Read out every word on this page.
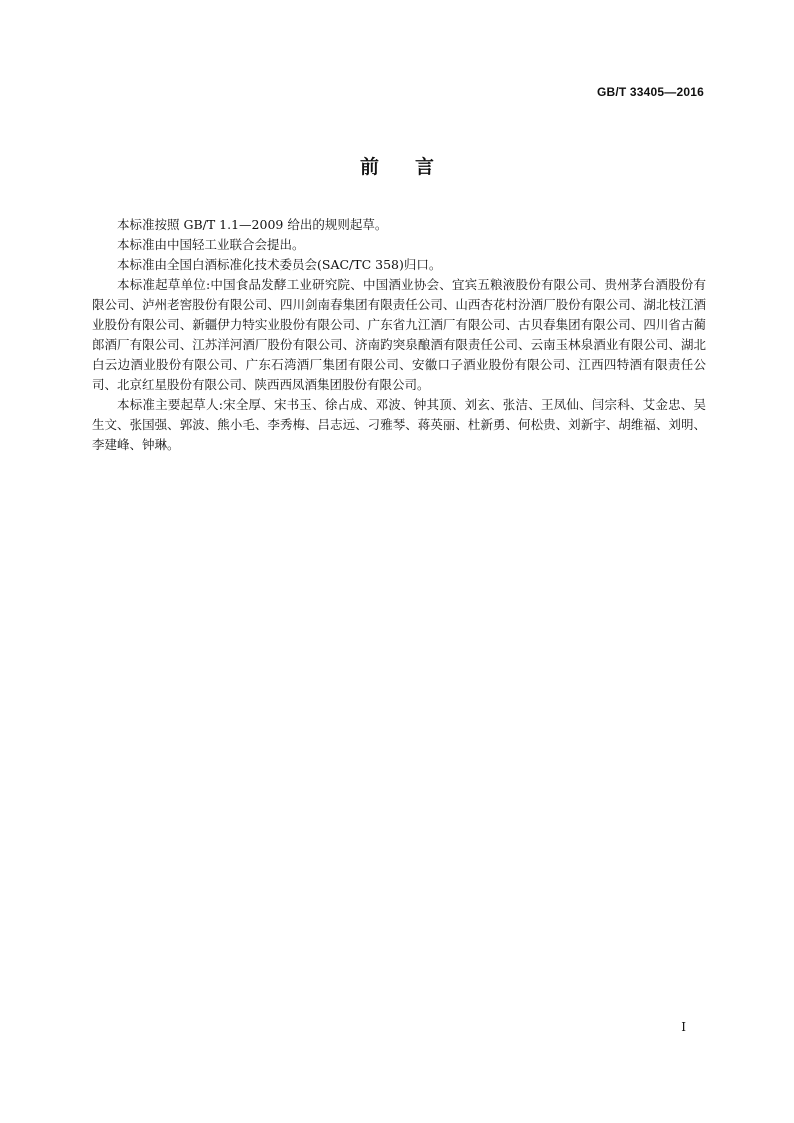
GB/T 33405—2016
前言

本标准按照 GB/T 1.1—2009 给出的规则起草。

本标准由中国轻工业联合会提出。

本标准由全国白酒标准化技术委员会(SAC/TC 358)归口。

本标准起草单位:中国食品发酵工业研究院、中国酒业协会、宜宾五粮液股份有限公司、贵州茅台酒股份有限公司、泸州老窖股份有限公司、四川剑南春集团有限责任公司、山西杏花村汾酒厂股份有限公司、湖北枝江酒业股份有限公司、新疆伊力特实业股份有限公司、广东省九江酒厂有限公司、古贝春集团有限公司、四川省古蔺郎酒厂有限公司、江苏洋河酒厂股份有限公司、济南趵突泉酿酒有限责任公司、云南玉林泉酒业有限公司、湖北白云边酒业股份有限公司、广东石湾酒厂集团有限公司、安徽口子酒业股份有限公司、江西四特酒有限责任公司、北京红星股份有限公司、陕西西凤酒集团股份有限公司。

本标准主要起草人:宋全厚、宋书玉、徐占成、邓波、钟其顶、刘玄、张洁、王凤仙、闫宗科、艾金忠、吴生文、张国强、郭波、熊小毛、李秀梅、吕志远、刁雅琴、蒋英丽、杜新勇、何松贵、刘新宇、胡维福、刘明、李建峰、钟琳。

I
